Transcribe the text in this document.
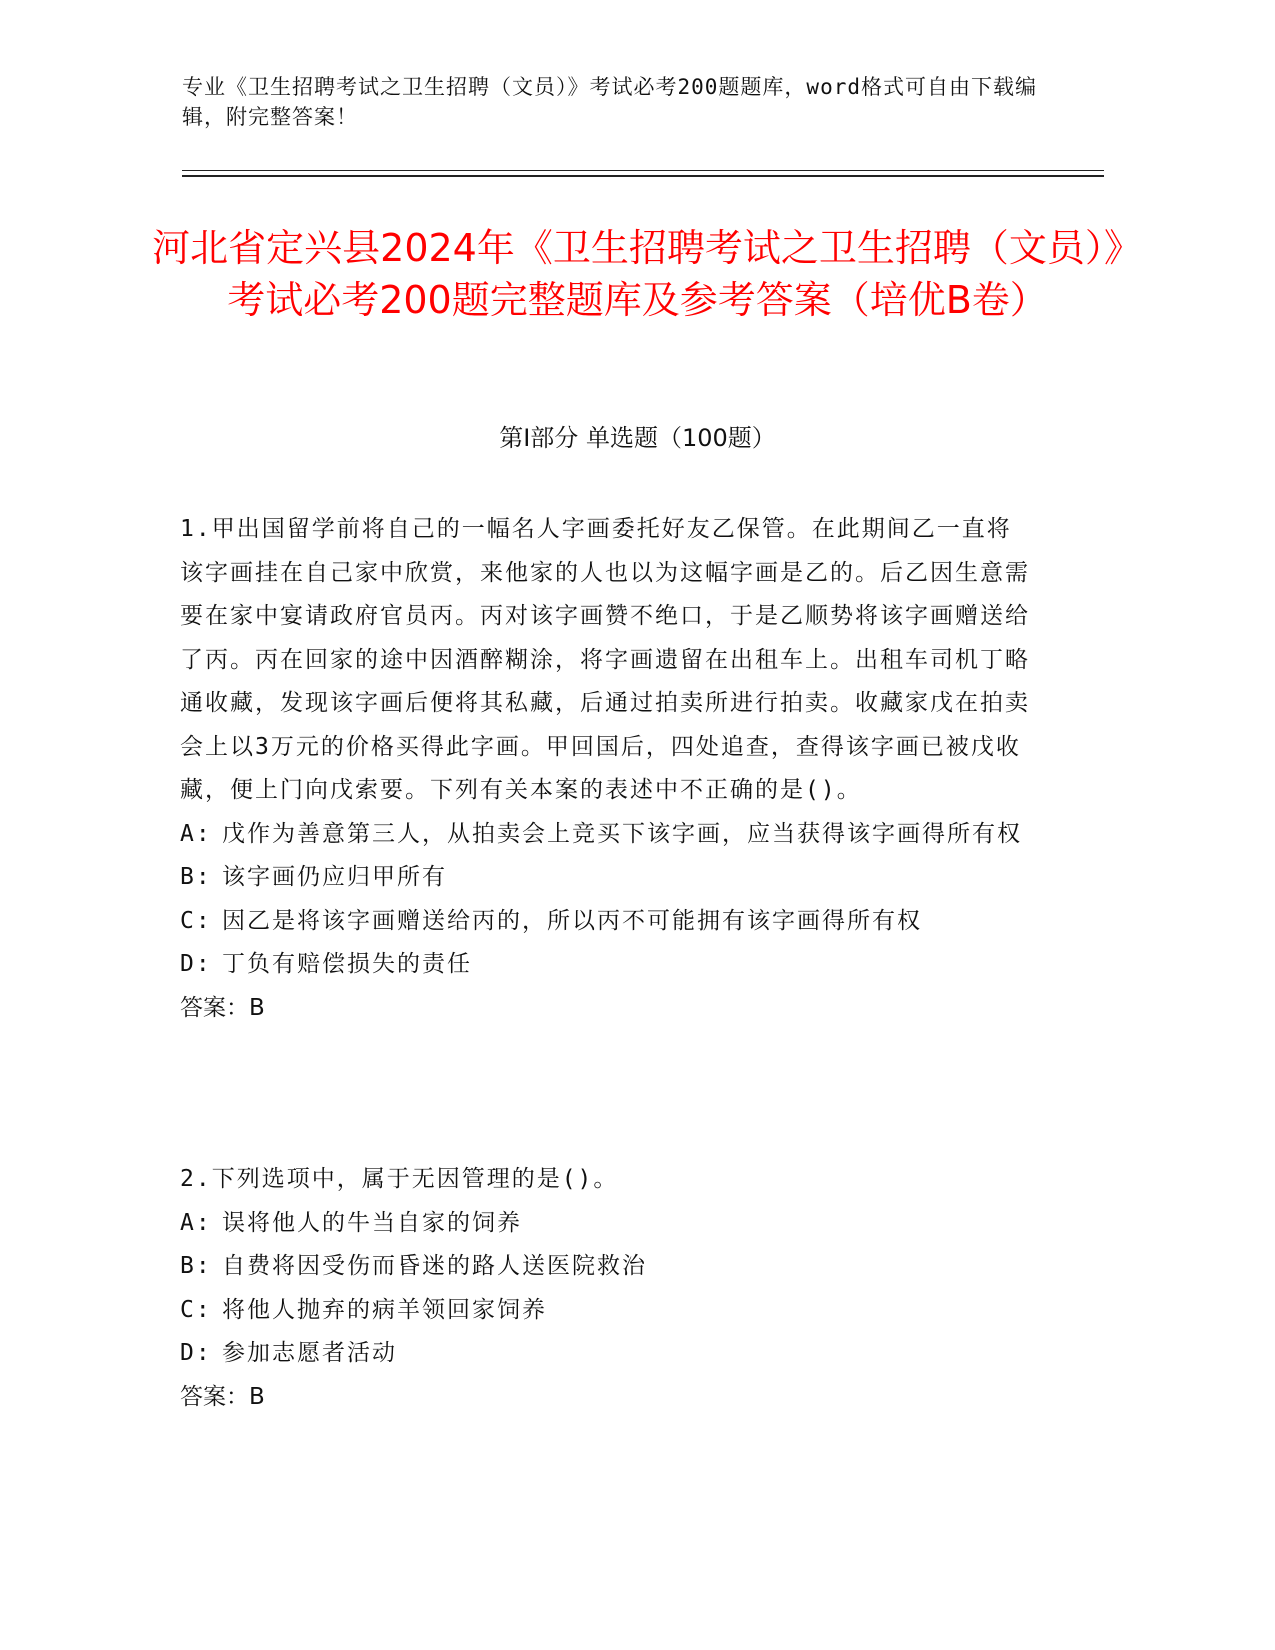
专业《卫生招聘考试之卫生招聘（文员）》考试必考200题题库，word格式可自由下载编辑，附完整答案！
河北省定兴县2024年《卫生招聘考试之卫生招聘（文员）》考试必考200题完整题库及参考答案（培优B卷）
第Ⅰ部分 单选题（100题）

1.甲出国留学前将自己的一幅名人字画委托好友乙保管。在此期间乙一直将该字画挂在自己家中欣赏，来他家的人也以为这幅字画是乙的。后乙因生意需要在家中宴请政府官员丙。丙对该字画赞不绝口，于是乙顺势将该字画赠送给了丙。丙在回家的途中因酒醉糊涂，将字画遗留在出租车上。出租车司机丁略通收藏，发现该字画后便将其私藏，后通过拍卖所进行拍卖。收藏家戊在拍卖会上以3万元的价格买得此字画。甲回国后，四处追查，查得该字画已被戊收藏，便上门向戊索要。下列有关本案的表述中不正确的是()。

A: 戊作为善意第三人，从拍卖会上竞买下该字画，应当获得该字画得所有权
B: 该字画仍应归甲所有
C: 因乙是将该字画赠送给丙的，所以丙不可能拥有该字画得所有权
D: 丁负有赔偿损失的责任

答案：B

2.下列选项中，属于无因管理的是()。

A: 误将他人的牛当自家的饲养
B: 自费将因受伤而昏迷的路人送医院救治
C: 将他人抛弃的病羊领回家饲养
D: 参加志愿者活动

答案：B
